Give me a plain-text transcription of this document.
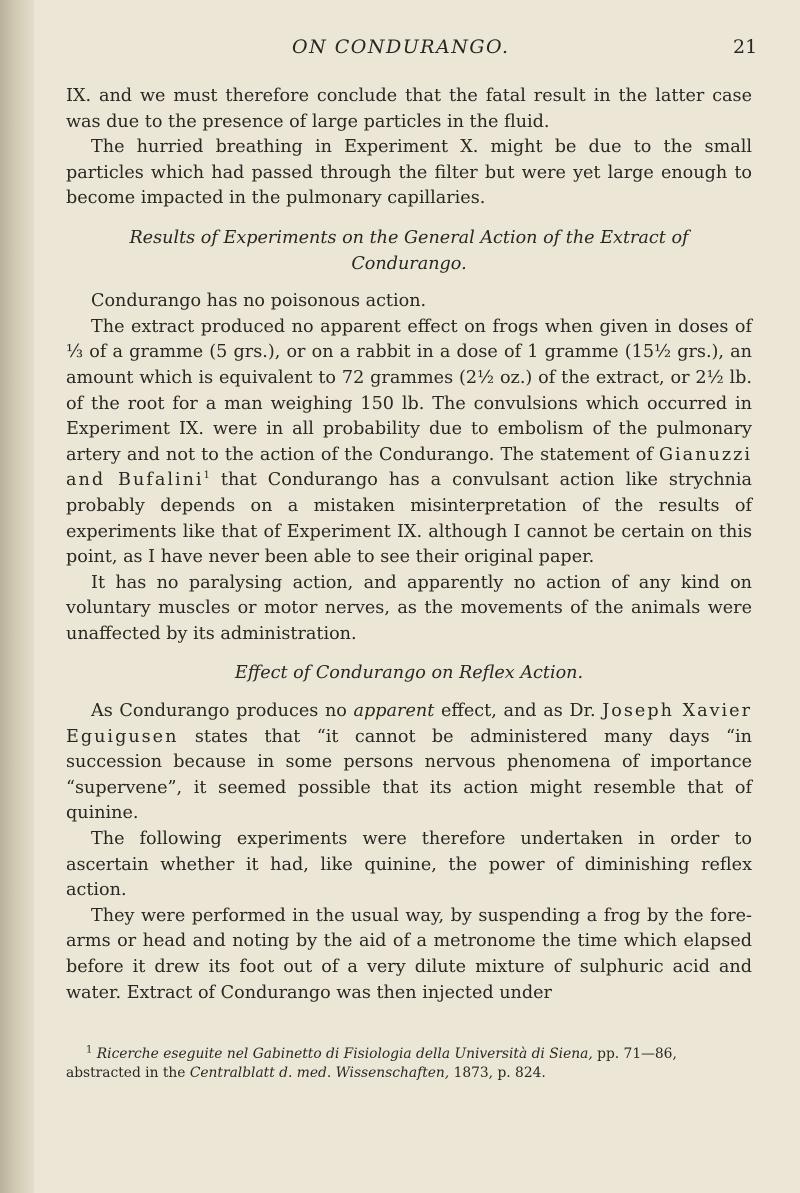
ON CONDURANGO.	21

IX. and we must therefore conclude that the fatal result in the latter case was due to the presence of large particles in the fluid.

The hurried breathing in Experiment X. might be due to the small particles which had passed through the filter but were yet large enough to become impacted in the pulmonary capillaries.

Results of Experiments on the General Action of the Extract of
Condurango.

Condurango has no poisonous action.

The extract produced no apparent effect on frogs when given in doses of ⅓ of a gramme (5 grs.), or on a rabbit in a dose of 1 gramme (15½ grs.), an amount which is equivalent to 72 grammes (2½ oz.) of the extract, or 2½ lb. of the root for a man weighing 150 lb. The convulsions which occurred in Experiment IX. were in all probability due to embolism of the pulmonary artery and not to the action of the Condurango. The statement of Gianuzzi and Bufalini$^1$ that Condurango has a convulsant action like strychnia probably depends on a mistaken misinterpretation of the results of experiments like that of Experiment IX. although I cannot be certain on this point, as I have never been able to see their original paper.

It has no paralysing action, and apparently no action of any kind on voluntary muscles or motor nerves, as the movements of the animals were unaffected by its administration.

Effect of Condurango on Reflex Action.

As Condurango produces no apparent effect, and as Dr. Joseph Xavier Eguigusen states that “it cannot be administered many days “in succession because in some persons nervous phenomena of importance “supervene”, it seemed possible that its action might resemble that of quinine.

The following experiments were therefore undertaken in order to ascertain whether it had, like quinine, the power of diminishing reflex action.

They were performed in the usual way, by suspending a frog by the fore-arms or head and noting by the aid of a metronome the time which elapsed before it drew its foot out of a very dilute mixture of sulphuric acid and water. Extract of Condurango was then injected under

$^1$ Ricerche eseguite nel Gabinetto di Fisiologia della Università di Siena, pp. 71—86, abstracted in the Centralblatt d. med. Wissenschaften, 1873, p. 824.
